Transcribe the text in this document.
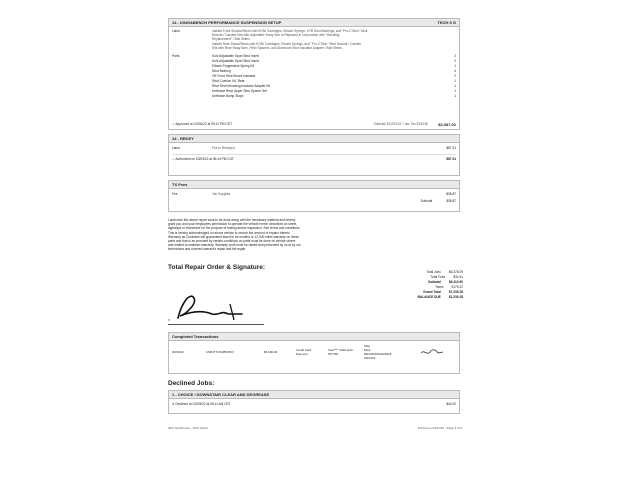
14 - KING&BENCH PERFORMANCE SUSPENSION SETUP	TECH 5 G
Labor	Installs Front Shocks/Struts with KONI Cartridges, Eibach Springs, KYB Strut Bearings, and "Pro-C'Ston" Strut
Mounts / Camber Kits with Adjustable Sway Sub to Replaced in conjunction with "Handling
Replacement" / Bolt Shims
Installs Rear Shock/Struts with KONI Cartridges, Eibach Springs, and "Pro-C'Ston" Strut Mounts / Camber
Kits with Rear Sway Bars, Pinto Spacers, and Aluminum Strut Insulator Adapter / Bolt Shims
Parts	Koni Adjustable Sport Strut Insert	2
Koni Adjustable Sport Strut Insert	2
Eibach Progressive Spring Kit	1
Strut Bearing	4
OE Front Strut Mount Insulator	2
Strut Cushion Kit, Rear	1
Rear Strut Mounting Insulator Adapter Kit	1
Urethane Rear Upper Strut Spacer Set	1
Urethane Bump Stops	1
✓ Approved on 03/04/22 at 05:11 PM CDT	Subtotal: $3,093.52 + tax; Tax $194.50	$3,087.02
14 - REKEY
Labor	Fee to Rekeyed	$87.91
✓ Authorized on 03/04/22 at 06:44 PM CDT	$87.91
TX Fees
Fee	Job Supplies	$38.87
Subtotal	$38.87
I authorize the above repair work to be done along with the necessary material and hereby
grant you and your employees permission to operate the vehicle herein described on street,
highways or elsewhere for the purpose of testing and/or inspection. See terms and conditions.
This is hereby acknowledged on above vehicle to secure the amount of repairs thereto.
Warranty as Contracts will guaranteed stand to be months or 12,000 miles warranty on these
parts and that is as provided by certain conditions on parts must be done on vehicle where
and related to maintain warranty. Warranty work must be raised and performed by us at by our
technicians and covered warrant's repair and fail repair.
Total Repair Order & Signature:
Total Jobs	$6,378.09
Total Fees	$34.51
Subtotal	$6,413.60
Taxes	$179.22
Grand Total	$7,239.28
BALANCE DUE	$1,239.28
X
Completed Transactions
03/03/22	CSBJ7TUSN89XDIV	$6,000.00	Credit Card Payment
Visa**** 4416 Auth: 597768
Ship
Mica
REVADS9S2922926
ARC019
Declined Jobs:
1 - CHOICE / DOWNSTAIR CLEAR AND DEGREASE
✗ Declined on 03/03/22 at 09:11 AM CDT	$44.00
APC Northbrook - SO# 13132	Printed on 03/11/22 - Page 4 of 5
